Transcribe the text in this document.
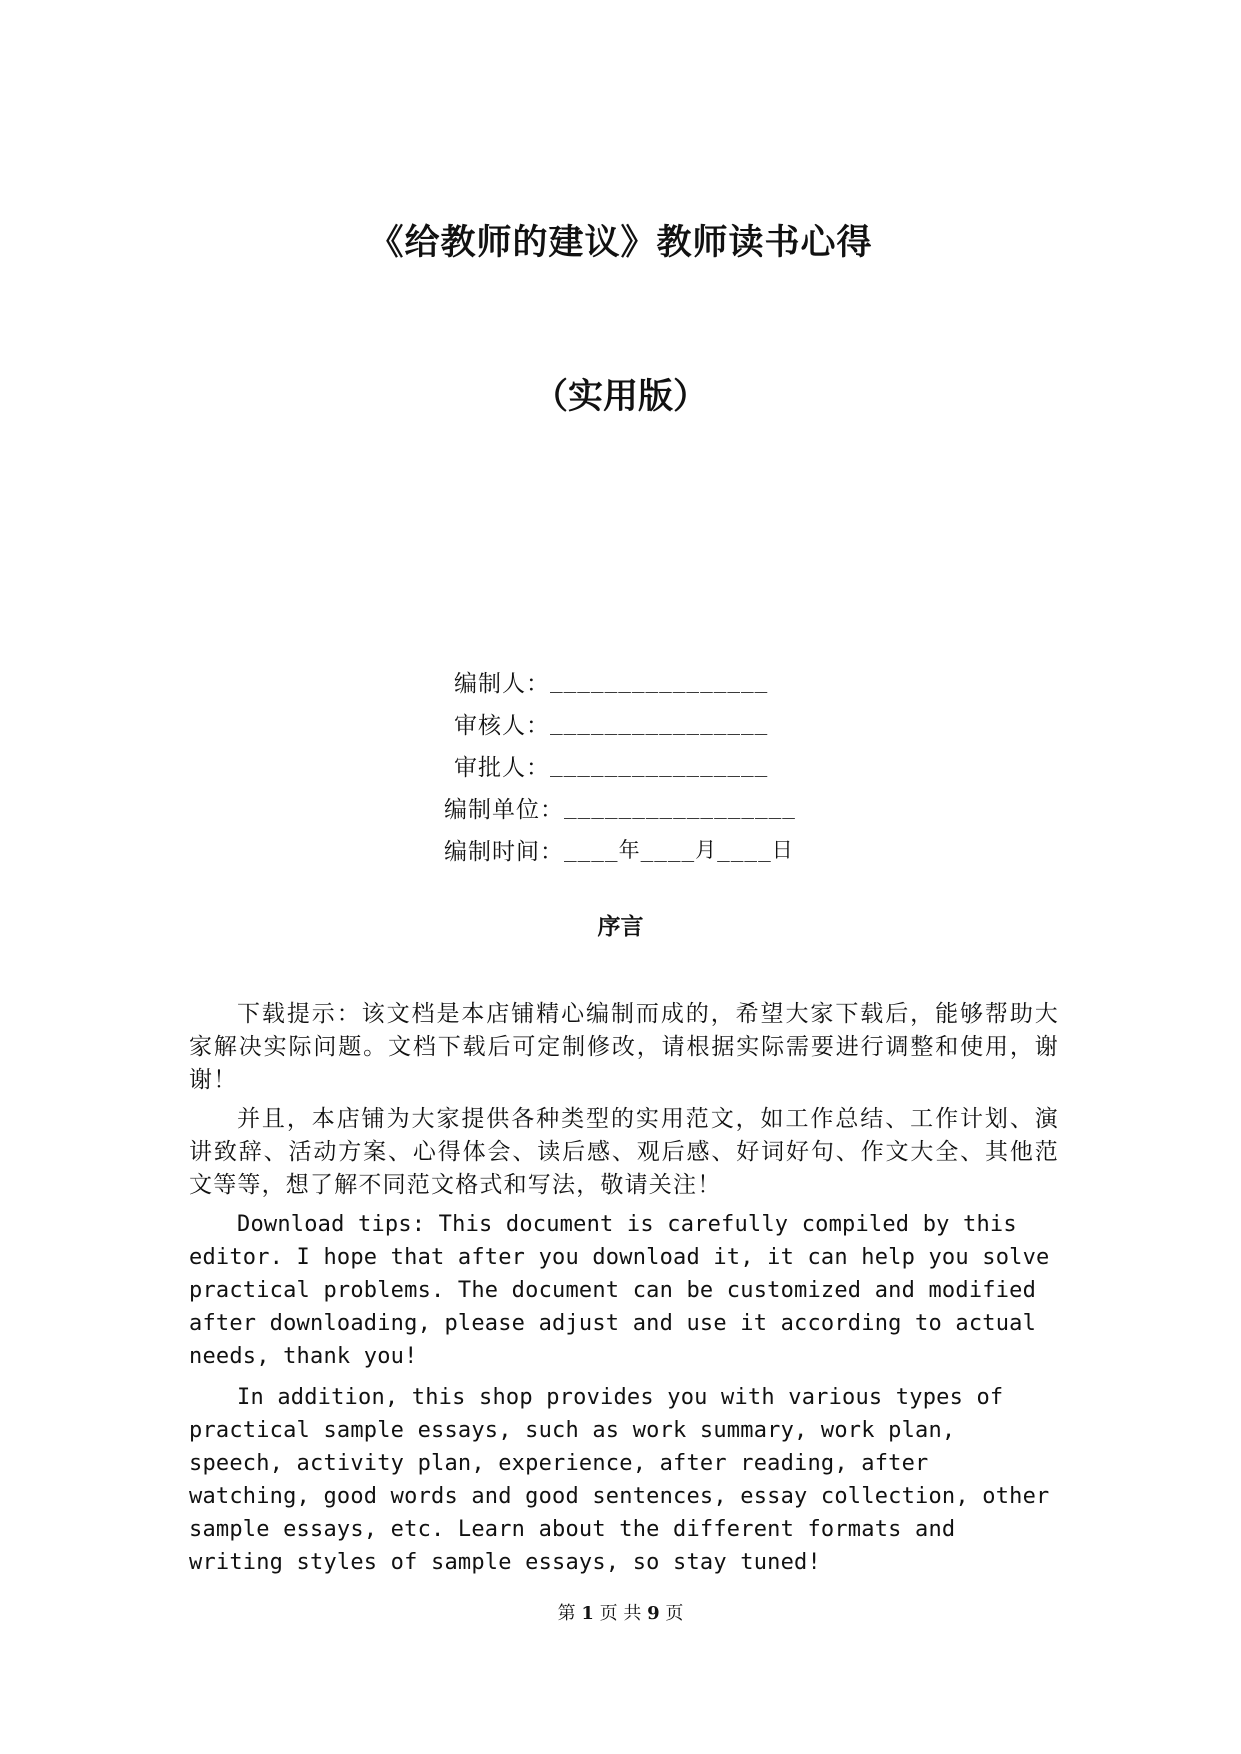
《给教师的建议》教师读书心得
（实用版）
编制人： ________________
审核人： ________________
审批人： ________________
编制单位： _________________
编制时间： ____年____月____日
序言

下载提示：该文档是本店铺精心编制而成的，希望大家下载后，能够帮助大家解决实际问题。文档下载后可定制修改，请根据实际需要进行调整和使用，谢谢！

并且，本店铺为大家提供各种类型的实用范文，如工作总结、工作计划、演讲致辞、活动方案、心得体会、读后感、观后感、好词好句、作文大全、其他范文等等，想了解不同范文格式和写法，敬请关注！

Download tips: This document is carefully compiled by this editor. I hope that after you download it, it can help you solve practical problems. The document can be customized and modified after downloading, please adjust and use it according to actual needs, thank you!

In addition, this shop provides you with various types of practical sample essays, such as work summary, work plan, speech, activity plan, experience, after reading, after watching, good words and good sentences, essay collection, other sample essays, etc. Learn about the different formats and writing styles of sample essays, so stay tuned!

第 1 页 共 9 页
